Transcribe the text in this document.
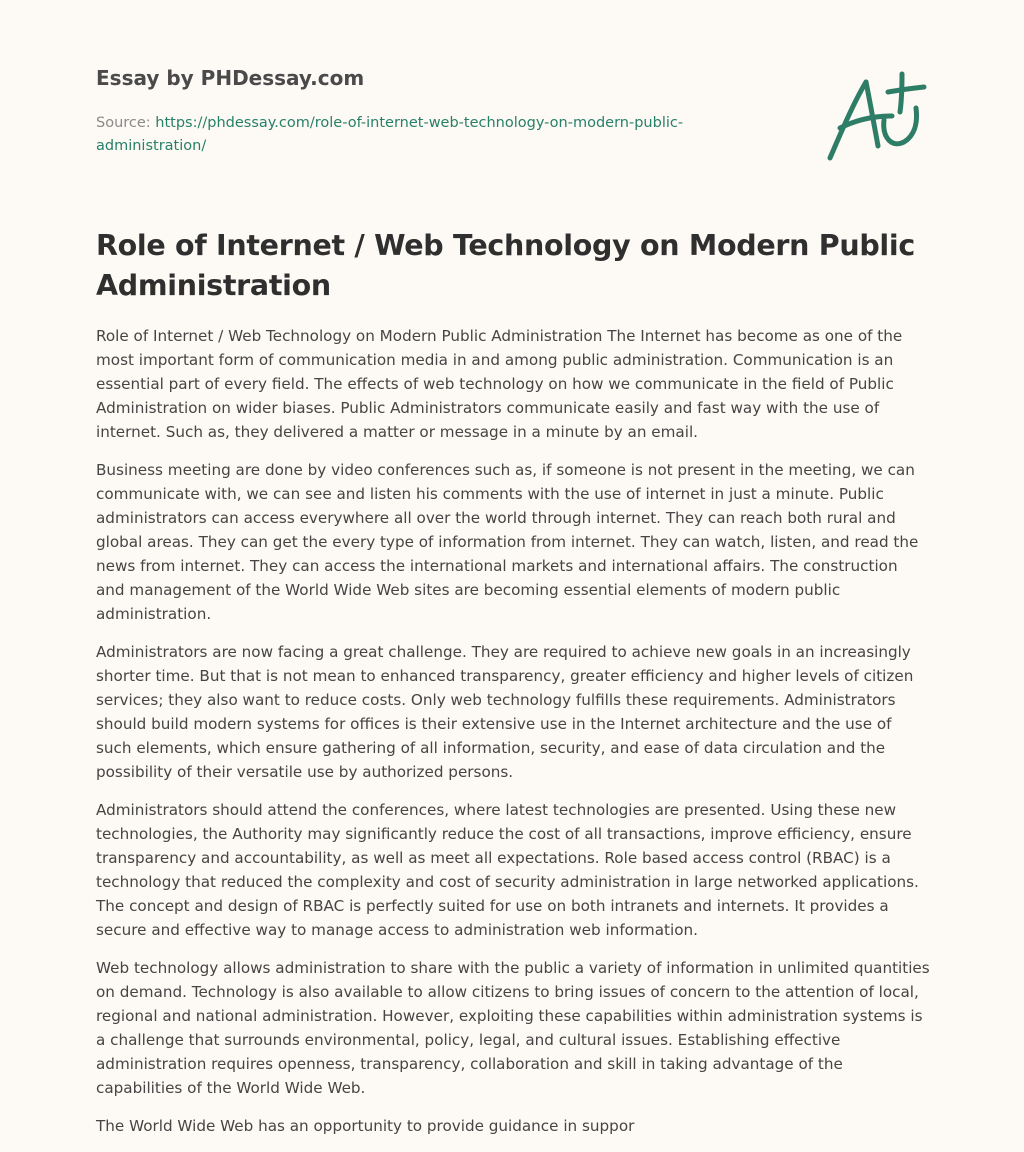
Essay by PHDessay.com
Source: https://phdessay.com/role-of-internet-web-technology-on-modern-public-administration/
Role of Internet / Web Technology on Modern Public Administration

Role of Internet / Web Technology on Modern Public Administration The Internet has become as one of the most important form of communication media in and among public administration. Communication is an essential part of every field. The effects of web technology on how we communicate in the field of Public Administration on wider biases. Public Administrators communicate easily and fast way with the use of internet. Such as, they delivered a matter or message in a minute by an email.

Business meeting are done by video conferences such as, if someone is not present in the meeting, we can communicate with, we can see and listen his comments with the use of internet in just a minute. Public administrators can access everywhere all over the world through internet. They can reach both rural and global areas. They can get the every type of information from internet. They can watch, listen, and read the news from internet. They can access the international markets and international affairs. The construction and management of the World Wide Web sites are becoming essential elements of modern public administration.

Administrators are now facing a great challenge. They are required to achieve new goals in an increasingly shorter time. But that is not mean to enhanced transparency, greater efficiency and higher levels of citizen services; they also want to reduce costs. Only web technology fulfills these requirements. Administrators should build modern systems for offices is their extensive use in the Internet architecture and the use of such elements, which ensure gathering of all information, security, and ease of data circulation and the possibility of their versatile use by authorized persons.

Administrators should attend the conferences, where latest technologies are presented. Using these new technologies, the Authority may significantly reduce the cost of all transactions, improve efficiency, ensure transparency and accountability, as well as meet all expectations. Role based access control (RBAC) is a technology that reduced the complexity and cost of security administration in large networked applications. The concept and design of RBAC is perfectly suited for use on both intranets and internets. It provides a secure and effective way to manage access to administration web information.

Web technology allows administration to share with the public a variety of information in unlimited quantities on demand. Technology is also available to allow citizens to bring issues of concern to the attention of local, regional and national administration. However, exploiting these capabilities within administration systems is a challenge that surrounds environmental, policy, legal, and cultural issues. Establishing effective administration requires openness, transparency, collaboration and skill in taking advantage of the capabilities of the World Wide Web.

The World Wide Web has an opportunity to provide guidance in suppor
